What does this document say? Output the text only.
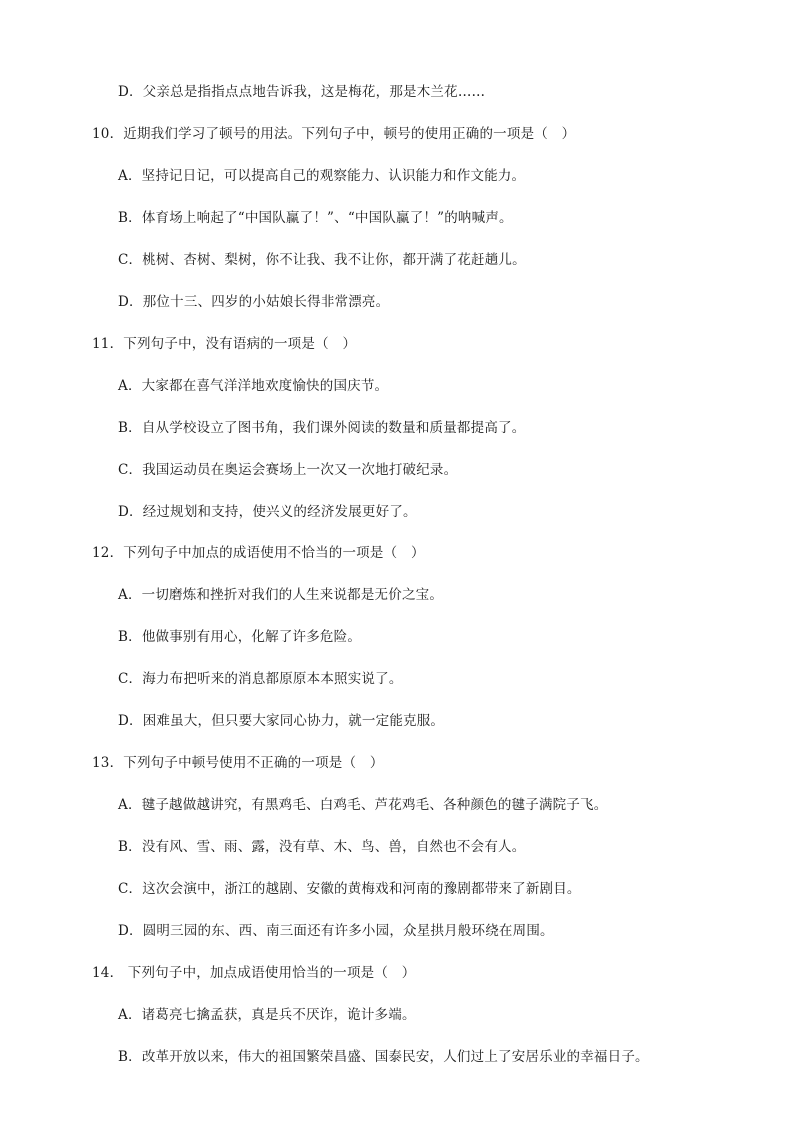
D．父亲总是指指点点地告诉我，这是梅花，那是木兰花……
10．近期我们学习了顿号的用法。下列句子中，顿号的使用正确的一项是（　）
A．坚持记日记，可以提高自己的观察能力、认识能力和作文能力。
B．体育场上响起了“中国队赢了！”、“中国队赢了！”的呐喊声。
C．桃树、杏树、梨树，你不让我、我不让你，都开满了花赶趟儿。
D．那位十三、四岁的小姑娘长得非常漂亮。
11．下列句子中，没有语病的一项是（　）
A．大家都在喜气洋洋地欢度愉快的国庆节。
B．自从学校设立了图书角，我们课外阅读的数量和质量都提高了。
C．我国运动员在奥运会赛场上一次又一次地打破纪录。
D．经过规划和支持，使兴义的经济发展更好了。
12．下列句子中加点的成语使用不恰当的一项是（　）
A．一切磨炼和挫折对我们的人生来说都是无价之宝。
B．他做事别有用心，化解了许多危险。
C．海力布把听来的消息都原原本本照实说了。
D．困难虽大，但只要大家同心协力，就一定能克服。
13．下列句子中顿号使用不正确的一项是（　）
A．毽子越做越讲究，有黑鸡毛、白鸡毛、芦花鸡毛、各种颜色的毽子满院子飞。
B．没有风、雪、雨、露，没有草、木、鸟、兽，自然也不会有人。
C．这次会演中，浙江的越剧、安徽的黄梅戏和河南的豫剧都带来了新剧目。
D．圆明三园的东、西、南三面还有许多小园，众星拱月般环绕在周围。
14． 下列句子中，加点成语使用恰当的一项是（　）
A．诸葛亮七擒孟获，真是兵不厌诈，诡计多端。
B．改革开放以来，伟大的祖国繁荣昌盛、国泰民安，人们过上了安居乐业的幸福日子。
